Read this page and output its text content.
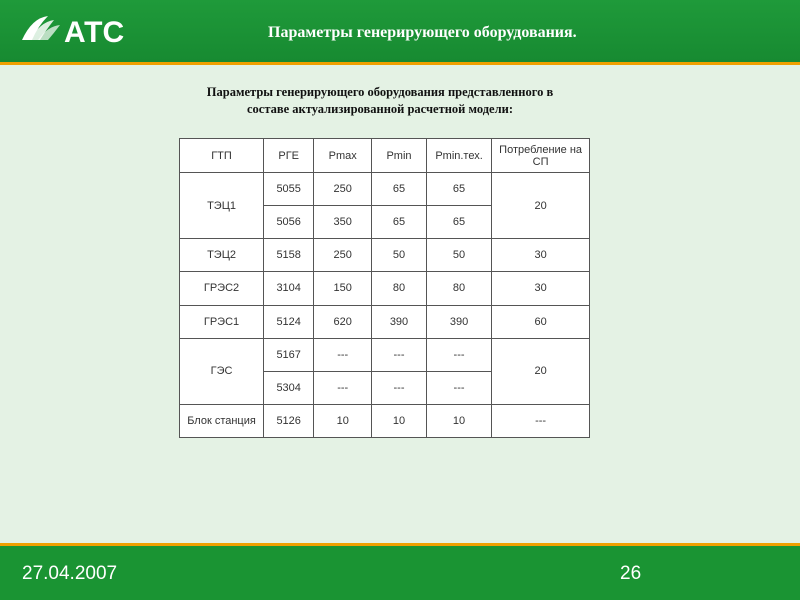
АТС	Параметры генерирующего оборудования.
Параметры генерирующего оборудования представленного в
составе актуализированной расчетной модели:
ГТП	РГЕ	Pmax	Pmin	Pmin.тех.	Потребление на СП
ТЭЦ1	5055	250	65	65	20
	5056	350	65	65	
ТЭЦ2	5158	250	50	50	30
ГРЭС2	3104	150	80	80	30
ГРЭС1	5124	620	390	390	60
ГЭС	5167	---	---	---	20
	5304	---	---	---	
Блок станция	5126	10	10	10	---
27.04.2007	26
